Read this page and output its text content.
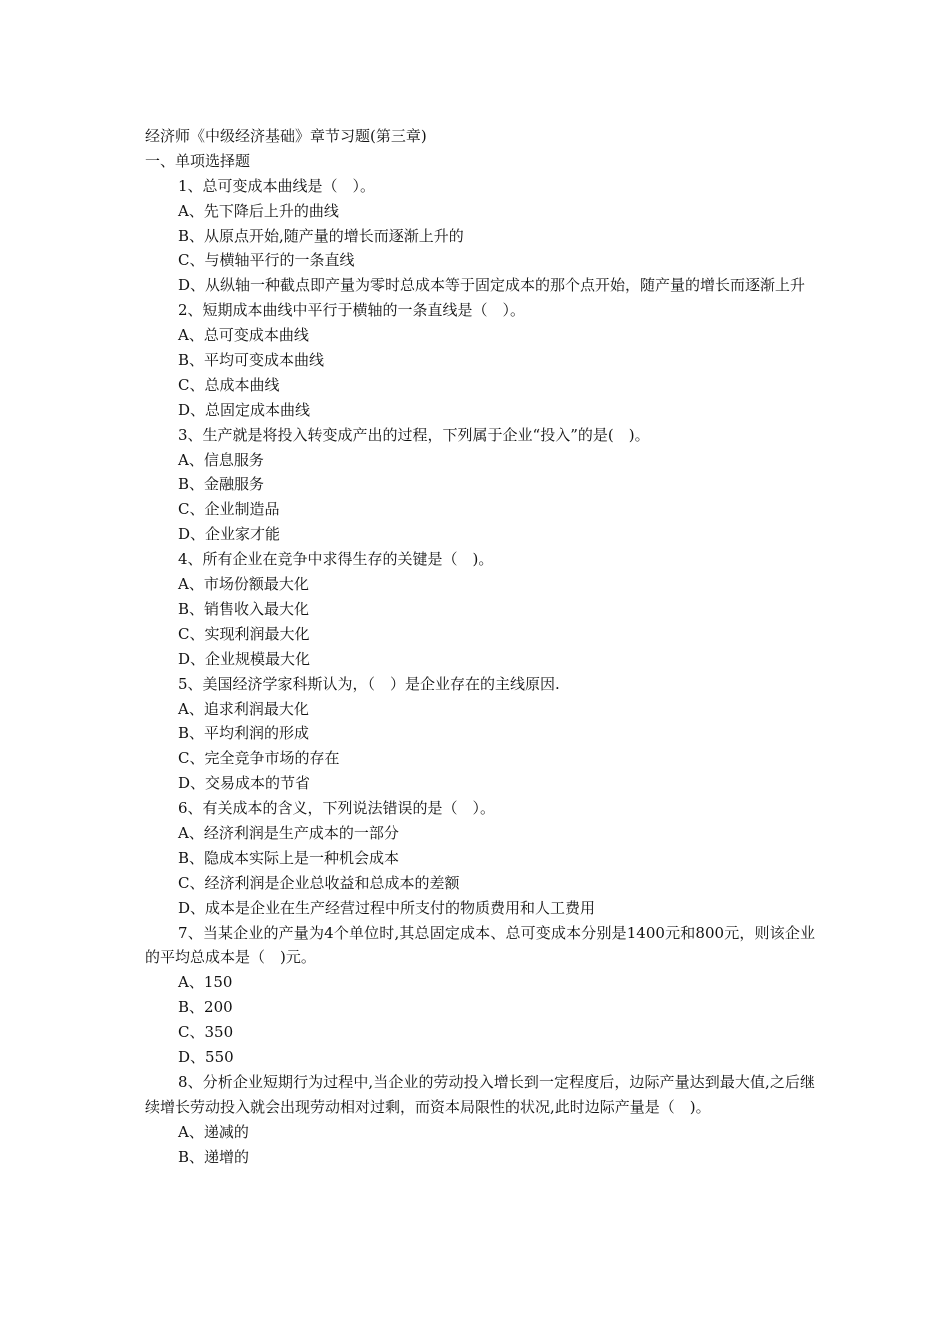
经济师《中级经济基础》章节习题(第三章)
一、单项选择题
1、总可变成本曲线是（　）。
A、先下降后上升的曲线
B、从原点开始,随产量的增长而逐渐上升的
C、与横轴平行的一条直线
D、从纵轴一种截点即产量为零时总成本等于固定成本的那个点开始，随产量的增长而逐渐上升
2、短期成本曲线中平行于横轴的一条直线是（　）。
A、总可变成本曲线
B、平均可变成本曲线
C、总成本曲线
D、总固定成本曲线
3、生产就是将投入转变成产出的过程，下列属于企业“投入”的是(　)。
A、信息服务
B、金融服务
C、企业制造品
D、企业家才能
4、所有企业在竞争中求得生存的关键是（　)。
A、市场份额最大化
B、销售收入最大化
C、实现利润最大化
D、企业规模最大化
5、美国经济学家科斯认为，（　）是企业存在的主线原因.
A、追求利润最大化
B、平均利润的形成
C、完全竞争市场的存在
D、交易成本的节省
6、有关成本的含义，下列说法错误的是（　）。
A、经济利润是生产成本的一部分
B、隐成本实际上是一种机会成本
C、经济利润是企业总收益和总成本的差额
D、成本是企业在生产经营过程中所支付的物质费用和人工费用
7、当某企业的产量为4个单位时,其总固定成本、总可变成本分别是1400元和800元，则该企业的平均总成本是（　)元。
A、150
B、200
C、350
D、550
8、分析企业短期行为过程中,当企业的劳动投入增长到一定程度后，边际产量达到最大值,之后继续增长劳动投入就会出现劳动相对过剩，而资本局限性的状况,此时边际产量是（　)。
A、递减的
B、递增的
